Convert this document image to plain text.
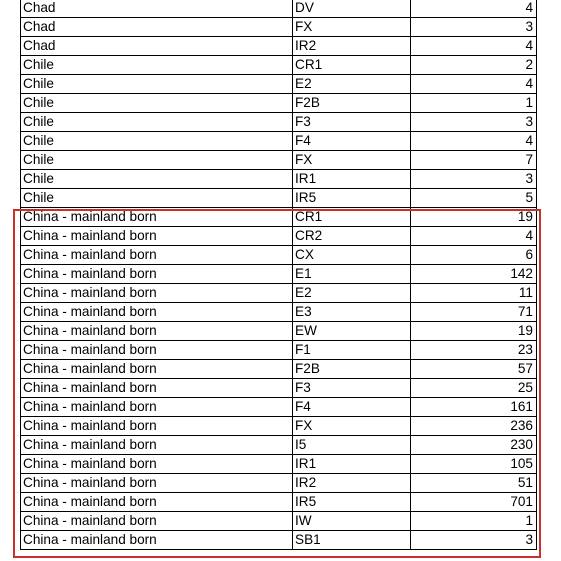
Chad	DV	4
Chad	FX	3
Chad	IR2	4
Chile	CR1	2
Chile	E2	4
Chile	F2B	1
Chile	F3	3
Chile	F4	4
Chile	FX	7
Chile	IR1	3
Chile	IR5	5
China - mainland born	CR1	19
China - mainland born	CR2	4
China - mainland born	CX	6
China - mainland born	E1	142
China - mainland born	E2	11
China - mainland born	E3	71
China - mainland born	EW	19
China - mainland born	F1	23
China - mainland born	F2B	57
China - mainland born	F3	25
China - mainland born	F4	161
China - mainland born	FX	236
China - mainland born	I5	230
China - mainland born	IR1	105
China - mainland born	IR2	51
China - mainland born	IR5	701
China - mainland born	IW	1
China - mainland born	SB1	3
